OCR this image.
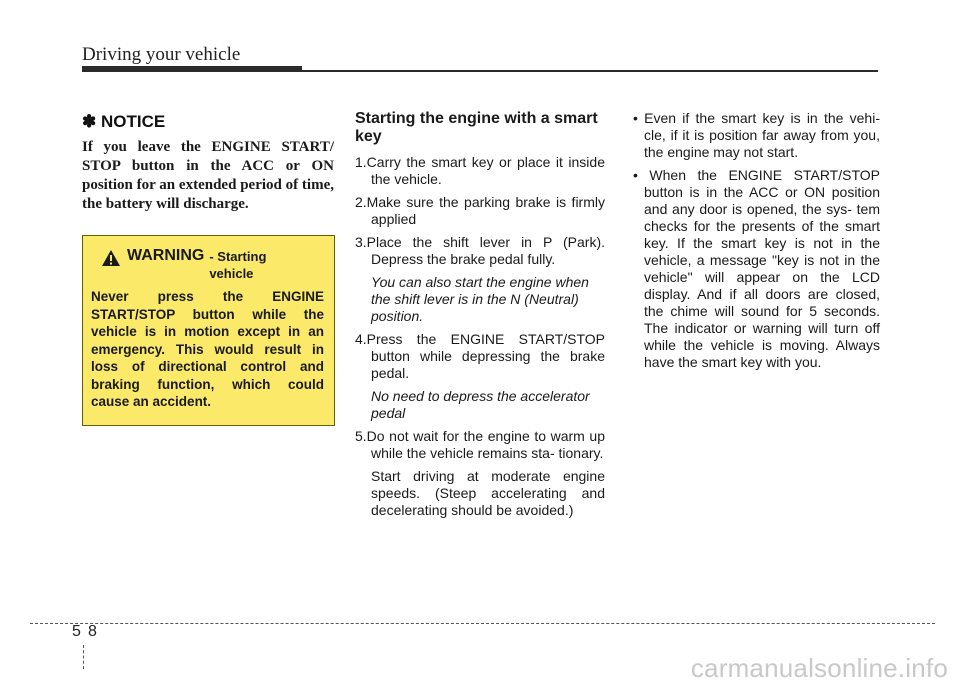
Driving your vehicle
✽ NOTICE

If you leave the ENGINE START/ STOP button in the ACC or ON position for an extended period of time, the battery will discharge.

WARNING - Starting vehicle
Never press the ENGINE START/STOP button while the vehicle is in motion except in an emergency. This would result in loss of directional control and braking function, which could cause an accident.
Starting the engine with a smart key

1.Carry the smart key or place it inside the vehicle.

2.Make sure the parking brake is firmly applied

3.Place the shift lever in P (Park). Depress the brake pedal fully.

You can also start the engine when the shift lever is in the N (Neutral) position.

4.Press the ENGINE START/STOP button while depressing the brake pedal.

No need to depress the accelerator pedal

5.Do not wait for the engine to warm up while the vehicle remains sta- tionary.

Start driving at moderate engine speeds. (Steep accelerating and decelerating should be avoided.)

• Even if the smart key is in the vehi- cle, if it is position far away from you, the engine may not start.

• When the ENGINE START/STOP button is in the ACC or ON position and any door is opened, the sys- tem checks for the presents of the smart key. If the smart key is not in the vehicle, a message "key is not in the vehicle" will appear on the LCD display. And if all doors are closed, the chime will sound for 5 seconds. The indicator or warning will turn off while the vehicle is moving. Always have the smart key with you.

5 8
carmanualsonline.info
